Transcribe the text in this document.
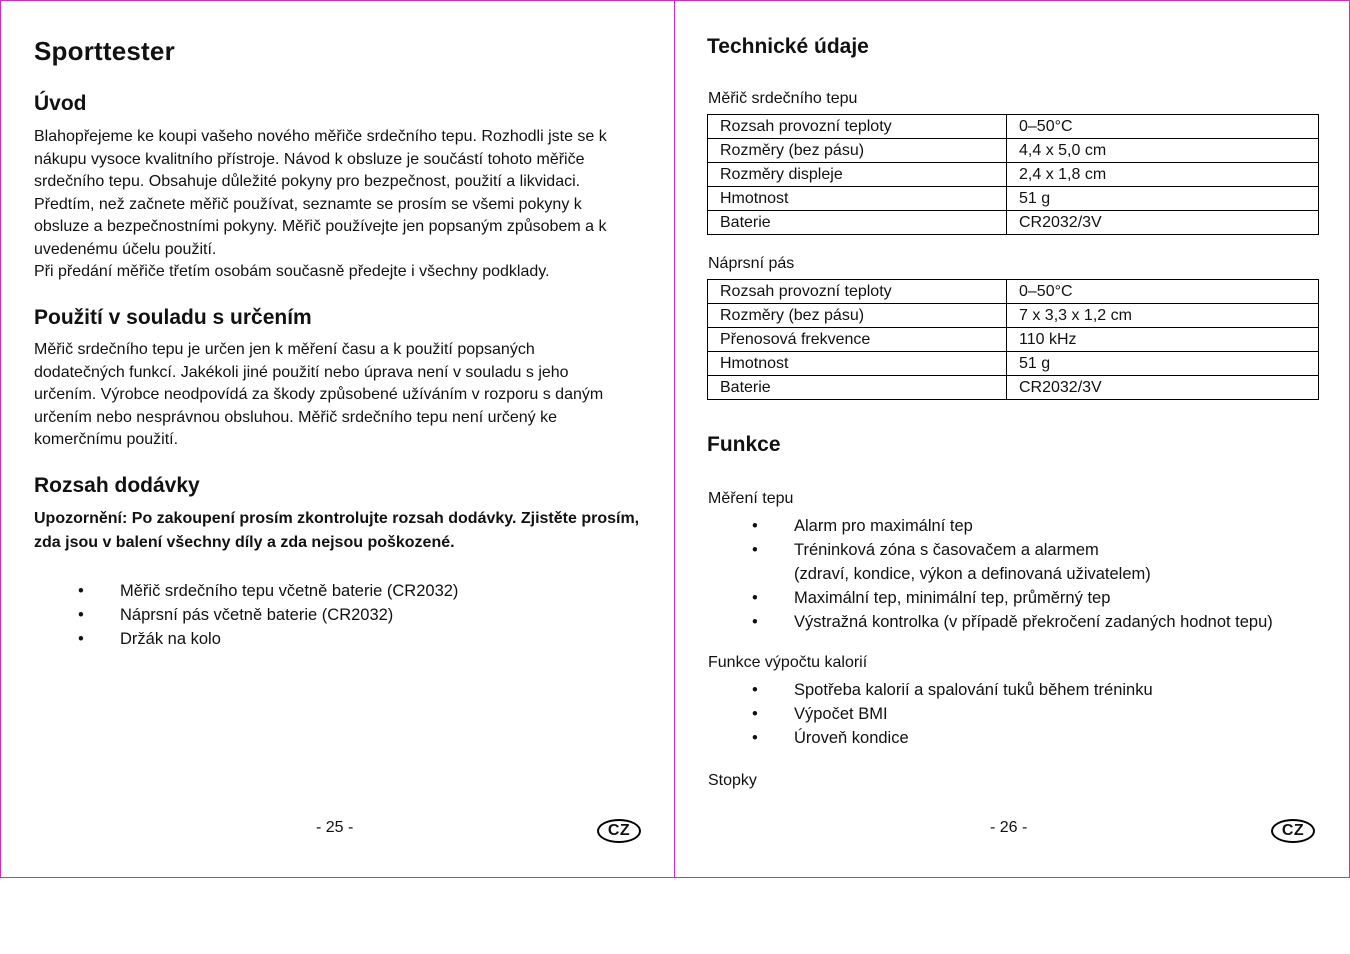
Sporttester
Úvod

Blahopřejeme ke koupi vašeho nového měřiče srdečního tepu. Rozhodli jste se k

nákupu vysoce kvalitního přístroje. Návod k obsluze je součástí tohoto měřiče

srdečního tepu. Obsahuje důležité pokyny pro bezpečnost, použití a likvidaci.

Předtím, než začnete měřič používat, seznamte se prosím se všemi pokyny k

obsluze a bezpečnostními pokyny. Měřič používejte jen popsaným způsobem a k

uvedenému účelu použití.

Při předání měřiče třetím osobám současně předejte i všechny podklady.

Použití v souladu s určením

Měřič srdečního tepu je určen jen k měření času a k použití popsaných

dodatečných funkcí. Jakékoli jiné použití nebo úprava není v souladu s jeho

určením. Výrobce neodpovídá za škody způsobené užíváním v rozporu s daným

určením nebo nesprávnou obsluhou. Měřič srdečního tepu není určený ke

komerčnímu použití.

Rozsah dodávky

Upozornění: Po zakoupení prosím zkontrolujte rozsah dodávky. Zjistěte prosím,

zda jsou v balení všechny díly a zda nejsou poškozené.

•	Měřič srdečního tepu včetně baterie (CR2032)
•	Náprsní pás včetně baterie (CR2032)
•	Držák na kolo
- 25 -	CZ
Technické údaje
Měřič srdečního tepu
Rozsah provozní teploty	0–50°C
Rozměry (bez pásu)	4,4 x 5,0 cm
Rozměry displeje	2,4 x 1,8 cm
Hmotnost	51 g
Baterie	CR2032/3V
Náprsní pás
Rozsah provozní teploty	0–50°C
Rozměry (bez pásu)	7 x 3,3 x 1,2 cm
Přenosová frekvence	110 kHz
Hmotnost	51 g
Baterie	CR2032/3V
Funkce
Měření tepu
•	Alarm pro maximální tep
•	Tréninková zóna s časovačem a alarmem
(zdraví, kondice, výkon a definovaná uživatelem)
•	Maximální tep, minimální tep, průměrný tep
•	Výstražná kontrolka (v případě překročení zadaných hodnot tepu)
Funkce výpočtu kalorií
•	Spotřeba kalorií a spalování tuků během tréninku
•	Výpočet BMI
•	Úroveň kondice
Stopky
- 26 -	CZ
